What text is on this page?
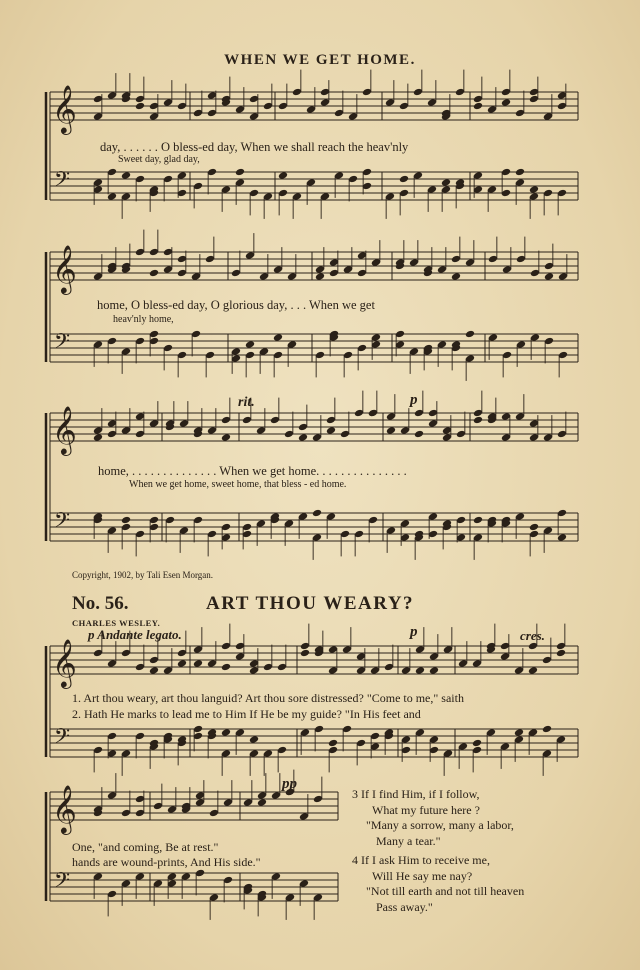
𝄞
𝄢
𝄞
𝄢
𝄞
𝄢
𝄞
𝄢
𝄞
𝄢
WHEN WE GET HOME.
day, . . . . . . O bless-ed day, When we shall reach the heav'nly
Sweet day, glad day,
home, O bless-ed day, O glorious day, . . . When we get
heav'nly home,
rit.	p
home, . . . . . . . . . . . . . . When we get home. . . . . . . . . . . . . . .
When we get home, sweet home, that bless - ed home.
Copyright, 1902, by Tali Esen Morgan.
No. 56.	ART THOU WEARY?
CHARLES WESLEY.
p Andante legato.	p	cres.
1. Art thou weary, art thou languid? Art thou sore distressed? "Come to me," saith
2. Hath He marks to lead me to Him If He be my guide? "In His feet and
pp
One, "and coming, Be at rest."
hands are wound-prints, And His side."
3 If I find Him, if I follow,
What my future here ?
"Many a sorrow, many a labor,
Many a tear."
4 If I ask Him to receive me,
Will He say me nay?
"Not till earth and not till heaven
Pass away."
